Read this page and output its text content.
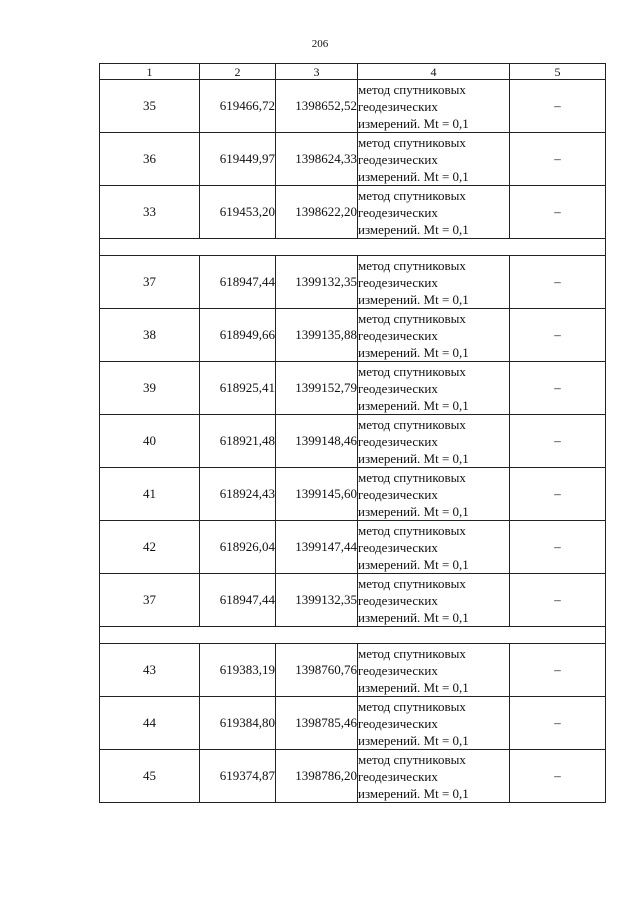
206
1	2	3	4	5
35	619466,72	1398652,52	метод спутниковых
геодезических
измерений. Mt = 0,1	–
36	619449,97	1398624,33	метод спутниковых
геодезических
измерений. Mt = 0,1	–
33	619453,20	1398622,20	метод спутниковых
геодезических
измерений. Mt = 0,1	–

37	618947,44	1399132,35	метод спутниковых
геодезических
измерений. Mt = 0,1	–
38	618949,66	1399135,88	метод спутниковых
геодезических
измерений. Mt = 0,1	–
39	618925,41	1399152,79	метод спутниковых
геодезических
измерений. Mt = 0,1	–
40	618921,48	1399148,46	метод спутниковых
геодезических
измерений. Mt = 0,1	–
41	618924,43	1399145,60	метод спутниковых
геодезических
измерений. Mt = 0,1	–
42	618926,04	1399147,44	метод спутниковых
геодезических
измерений. Mt = 0,1	–
37	618947,44	1399132,35	метод спутниковых
геодезических
измерений. Mt = 0,1	–

43	619383,19	1398760,76	метод спутниковых
геодезических
измерений. Mt = 0,1	–
44	619384,80	1398785,46	метод спутниковых
геодезических
измерений. Mt = 0,1	–
45	619374,87	1398786,20	метод спутниковых
геодезических
измерений. Mt = 0,1	–
